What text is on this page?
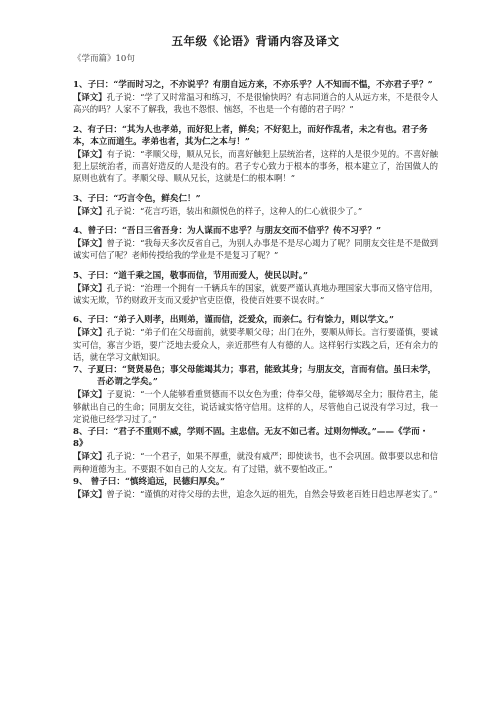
五年级《论语》背诵内容及译文
《学而篇》10句

1、子曰：“学而时习之，不亦说乎？有朋自远方来，不亦乐乎？人不知而不愠，不亦君子乎？”

【译文】孔子说：“学了又时常温习和练习，不是很愉快吗？有志同道合的人从远方来，不是很令人高兴的吗？人家不了解我，我也不怨恨、恼怒，不也是一个有德的君子吗？”

2、有子曰：“其为人也孝弟，而好犯上者，鲜矣；不好犯上，而好作乱者，未之有也。君子务本，本立而道生。孝弟也者，其为仁之本与！”

【译文】有子说：“孝顺父母，顺从兄长，而喜好触犯上层统治者，这样的人是很少见的。不喜好触犯上层统治者，而喜好造反的人是没有的。君子专心致力于根本的事务，根本建立了，治国做人的原则也就有了。孝顺父母、顺从兄长，这就是仁的根本啊！”

3、子曰：“巧言令色，鲜矣仁！”

【译文】孔子说：“花言巧语，装出和颜悦色的样子，这种人的仁心就很少了。”

4、曾子曰：“吾日三省吾身：为人谋而不忠乎？与朋友交而不信乎？传不习乎？”

【译文】曾子说：“我每天多次反省自己，为别人办事是不是尽心竭力了呢？同朋友交往是不是做到诚实可信了呢？老师传授给我的学业是不是复习了呢？”

5、子曰：“道千乘之国，敬事而信，节用而爱人，使民以时。”

【译文】孔子说：“治理一个拥有一千辆兵车的国家，就要严谨认真地办理国家大事而又恪守信用，诚实无欺，节约财政开支而又爱护官吏臣僚，役使百姓要不误农时。”

6、子曰：“弟子入则孝，出则弟，谨而信，泛爱众，而亲仁。行有馀力，则以学文。”

【译文】孔子说：“弟子们在父母面前，就要孝顺父母；出门在外，要顺从师长。言行要谨慎，要诚实可信，寡言少语，要广泛地去爱众人，亲近那些有人有德的人。这样躬行实践之后，还有余力的话，就在学习文献知识。

7、子夏曰：“贤贤易色；事父母能竭其力；事君，能致其身；与朋友交，言而有信。虽曰未学，吾必谓之学矣。”

【译文】子夏说：“一个人能够看重贤德而不以女色为重；侍奉父母，能够竭尽全力；服侍君主，能够献出自己的生命；同朋友交往，说话诚实恪守信用。这样的人，尽管他自己说没有学习过，我一定说他已经学习过了。”

8、子曰：“君子不重则不威，学则不固。主忠信。无友不如己者。过则勿惮改。”——《学而・8》

【译文】孔子说：“一个君子，如果不厚重，就没有威严；即使读书，也不会巩固。做事要以忠和信两种道德为主。不要跟不如自己的人交友。有了过错，就不要怕改正。”

9、 曾子曰：“慎终追远，民德归厚矣。”

【译文】曾子说：“谨慎的对待父母的去世，追念久远的祖先，自然会导致老百姓日趋忠厚老实了。”
